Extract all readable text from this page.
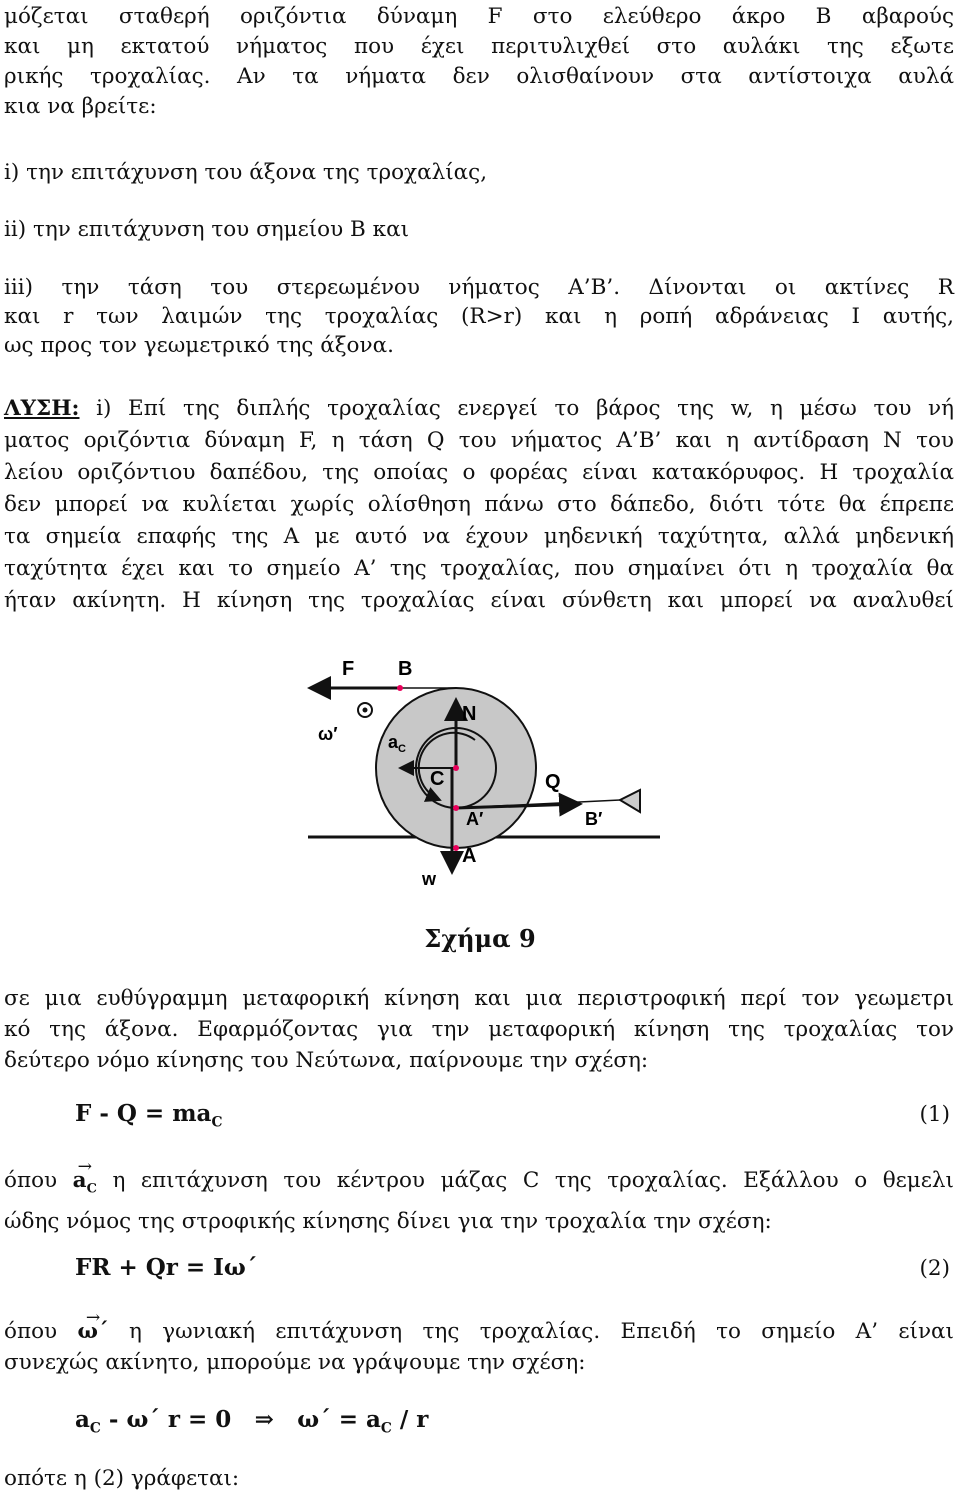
μόζεται σταθερή οριζόντια δύναμη F στο ελεύθερο άκρο Β αβαρούς
και μη εκτατού νήματος που έχει περιτυλιχθεί στο αυλάκι της εξωτε
ρικής τροχαλίας. Αν τα νήματα δεν ολισθαίνουν στα αντίστοιχα αυλά
κια να βρείτε:
i) την επιτάχυνση του άξονα της τροχαλίας,
ii) την επιτάχυνση του σημείου Β και
iii) την τάση του στερεωμένου νήματος Α’Β’. Δίνονται οι ακτίνες R
και r των λαιμών της τροχαλίας (R>r) και η ροπή αδράνειας Ι αυτής,
ως προς τον γεωμετρικό της άξονα.
ΛΥΣΗ: i) Επί της διπλής τροχαλίας ενεργεί το βάρος της w, η μέσω του νή
ματος οριζόντια δύναμη F, η τάση Q του νήματος Α’Β’ και η αντίδραση N του
λείου οριζόντιου δαπέδου, της οποίας ο φορέας είναι κατακόρυφος. Η τροχαλία
δεν μπορεί να κυλίεται χωρίς ολίσθηση πάνω στο δάπεδο, διότι τότε θα έπρεπε
τα σημεία επαφής της Α με αυτό να έχουν μηδενική ταχύτητα, αλλά μηδενική
ταχύτητα έχει και το σημείο Α’ της τροχαλίας, που σημαίνει ότι η τροχαλία θα
ήταν ακίνητη. Η κίνηση της τροχαλίας είναι σύνθετη και μπορεί να αναλυθεί
F B
N
ω′	$a_C$
C	Q
A′	B′
A
w
Σχήμα 9
σε μια ευθύγραμμη μεταφορική κίνηση και μια περιστροφική περί τον γεωμετρι
κό της άξονα. Εφαρμόζοντας για την μεταφορική κίνηση της τροχαλίας τον
δεύτερο νόμο κίνησης του Νεύτωνα, παίρνουμε την σχέση:
$F - Q = ma_C$	(1)
$ό\pi o\upsilon \to a_C$ η επιτάχυνση του κέντρου μάζας C της τροχαλίας. Εξάλλου ο θεμελι
ώδης νόμος της στροφικής κίνησης δίνει για την τροχαλία την σχέση:
FR + Qr = Iω΄	(2)
όπου → ω΄ η γωνιακή επιτάχυνση της τροχαλίας. Επειδή το σημείο Α’ είναι
συνεχώς ακίνητο, μπορούμε να γράψουμε την σχέση:
$a_C - \omega΄$ r = 0 ⇒ $\omega΄ = a_C / r$
οπότε η (2) γράφεται:
